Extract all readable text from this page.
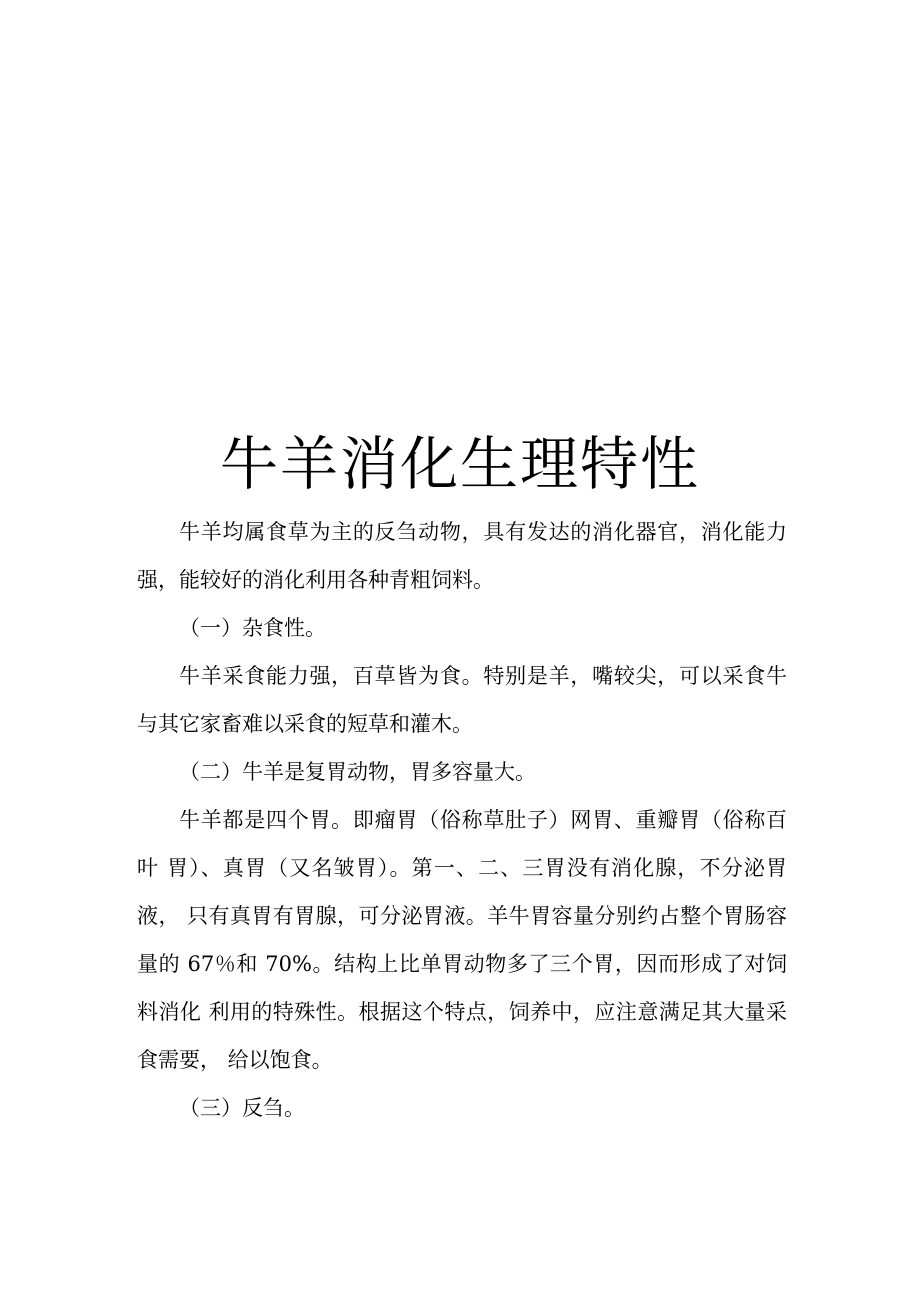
牛羊消化生理特性

牛羊均属食草为主的反刍动物，具有发达的消化器官，消化能力强，能较好的消化利用各种青粗饲料。

（一）杂食性。

牛羊采食能力强，百草皆为食。特别是羊，嘴较尖，可以采食牛与其它家畜难以采食的短草和灌木。

（二）牛羊是复胃动物，胃多容量大。

牛羊都是四个胃。即瘤胃（俗称草肚子）网胃、重瓣胃（俗称百叶 胃）、真胃（又名皱胃）。第一、二、三胃没有消化腺，不分泌胃液， 只有真胃有胃腺，可分泌胃液。羊牛胃容量分别约占整个胃肠容量的 67％和 70%。结构上比单胃动物多了三个胃，因而形成了对饲料消化 利用的特殊性。根据这个特点，饲养中，应注意满足其大量采食需要， 给以饱食。

（三）反刍。
